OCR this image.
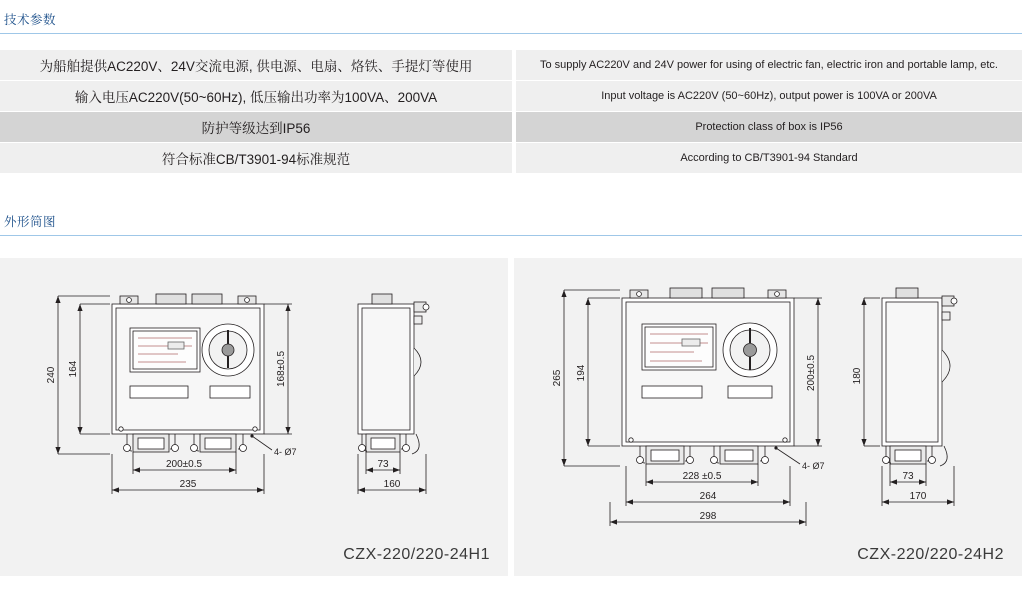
技术参数
为船舶提供AC220V、24V交流电源, 供电源、电扇、烙铁、手提灯等使用	To supply AC220V and 24V power for using of electric fan, electric iron and portable lamp, etc.
输入电压AC220V(50~60Hz), 低压输出功率为100VA、200VA	Input voltage is AC220V (50~60Hz), output power is 100VA or 200VA
防护等级达到IP56	Protection class of box is IP56
符合标准CB/T3901-94标准规范	According to CB/T3901-94 Standard
外形简图
240 164	168±0.5
200±0.5
235
4- Ø7
73
160
CZX-220/220-24H1
265 194	200±0.5
228 ±0.5
264
298
4- Ø7
180
73
170
CZX-220/220-24H2
